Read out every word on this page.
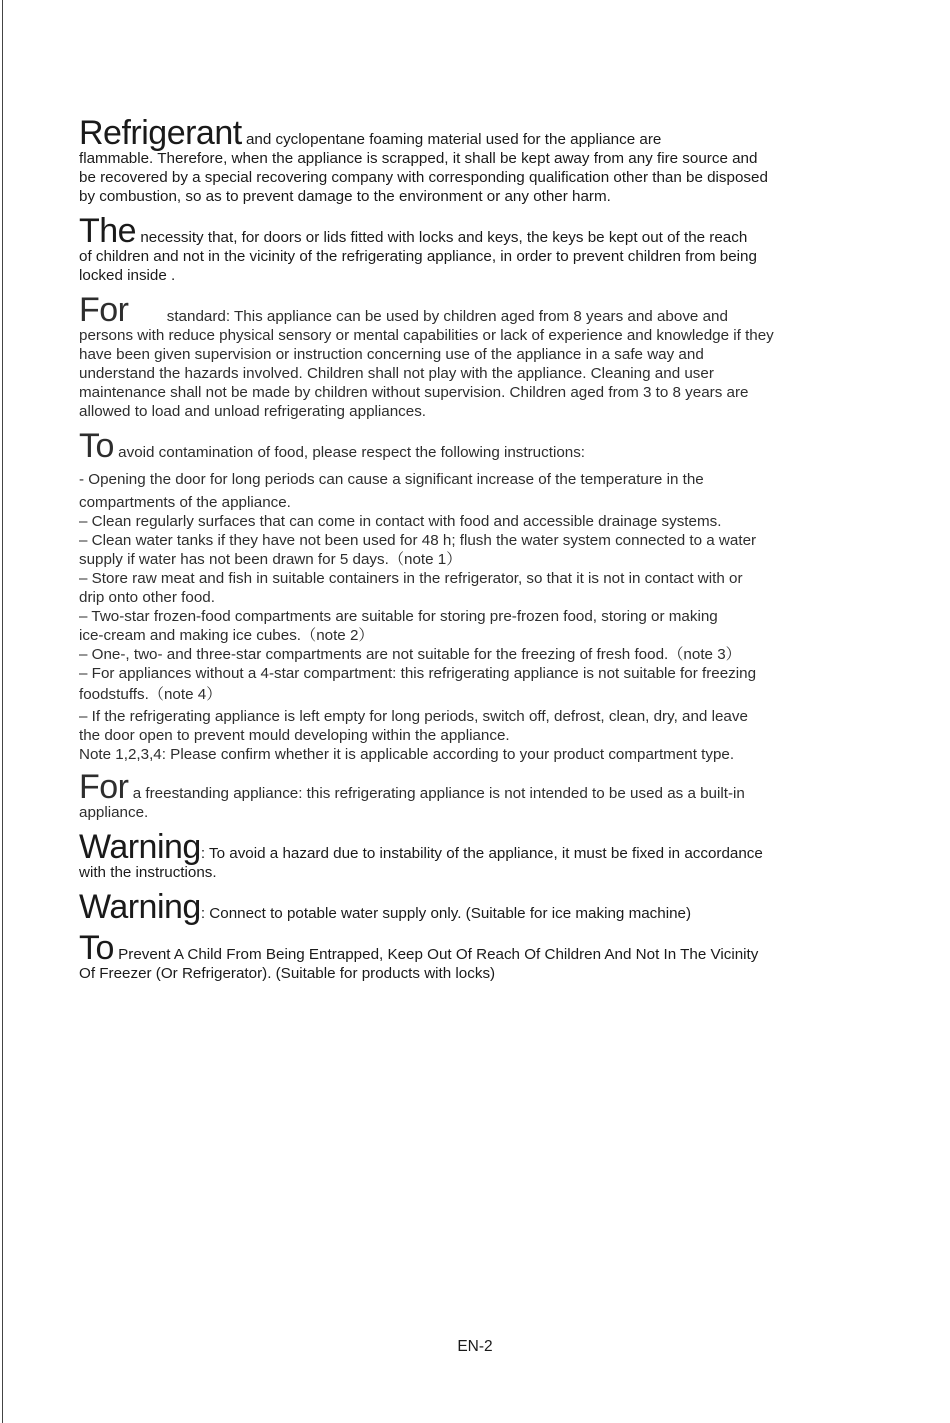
Refrigerant and cyclopentane foaming material used for the appliance are
flammable. Therefore, when the appliance is scrapped, it shall be kept away from any fire source and
be recovered by a special recovering company with corresponding qualification other than be disposed
by combustion, so as to prevent damage to the environment or any other harm.
The necessity that, for doors or lids fitted with locks and keys, the keys be kept out of the reach
of children and not in the vicinity of the refrigerating appliance, in order to prevent children from being
locked inside .
For	standard: This appliance can be used by children aged from 8 years and above and
persons with reduce physical sensory or mental capabilities or lack of experience and knowledge if they
have been given supervision or instruction concerning use of the appliance in a safe way and
understand the hazards involved. Children shall not play with the appliance. Cleaning and user
maintenance shall not be made by children without supervision. Children aged from 3 to 8 years are
allowed to load and unload refrigerating appliances.
To avoid contamination of food, please respect the following instructions:
- Opening the door for long periods can cause a significant increase of the temperature in the
compartments of the appliance.
– Clean regularly surfaces that can come in contact with food and accessible drainage systems.
– Clean water tanks if they have not been used for 48 h; flush the water system connected to a water
supply if water has not been drawn for 5 days.（note 1）
– Store raw meat and fish in suitable containers in the refrigerator, so that it is not in contact with or
drip onto other food.
– Two-star frozen-food compartments are suitable for storing pre-frozen food, storing or making
ice-cream and making ice cubes.（note 2）
– One-, two- and three-star compartments are not suitable for the freezing of fresh food.（note 3）
– For appliances without a 4-star compartment: this refrigerating appliance is not suitable for freezing
foodstuffs.（note 4）
– If the refrigerating appliance is left empty for long periods, switch off, defrost, clean, dry, and leave
the door open to prevent mould developing within the appliance.
Note 1,2,3,4: Please confirm whether it is applicable according to your product compartment type.
For a freestanding appliance: this refrigerating appliance is not intended to be used as a built-in
appliance.
Warning: To avoid a hazard due to instability of the appliance, it must be fixed in accordance
with the instructions.
Warning: Connect to potable water supply only. (Suitable for ice making machine)
To Prevent A Child From Being Entrapped, Keep Out Of Reach Of Children And Not In The Vicinity
Of Freezer (Or Refrigerator). (Suitable for products with locks)
EN-2
